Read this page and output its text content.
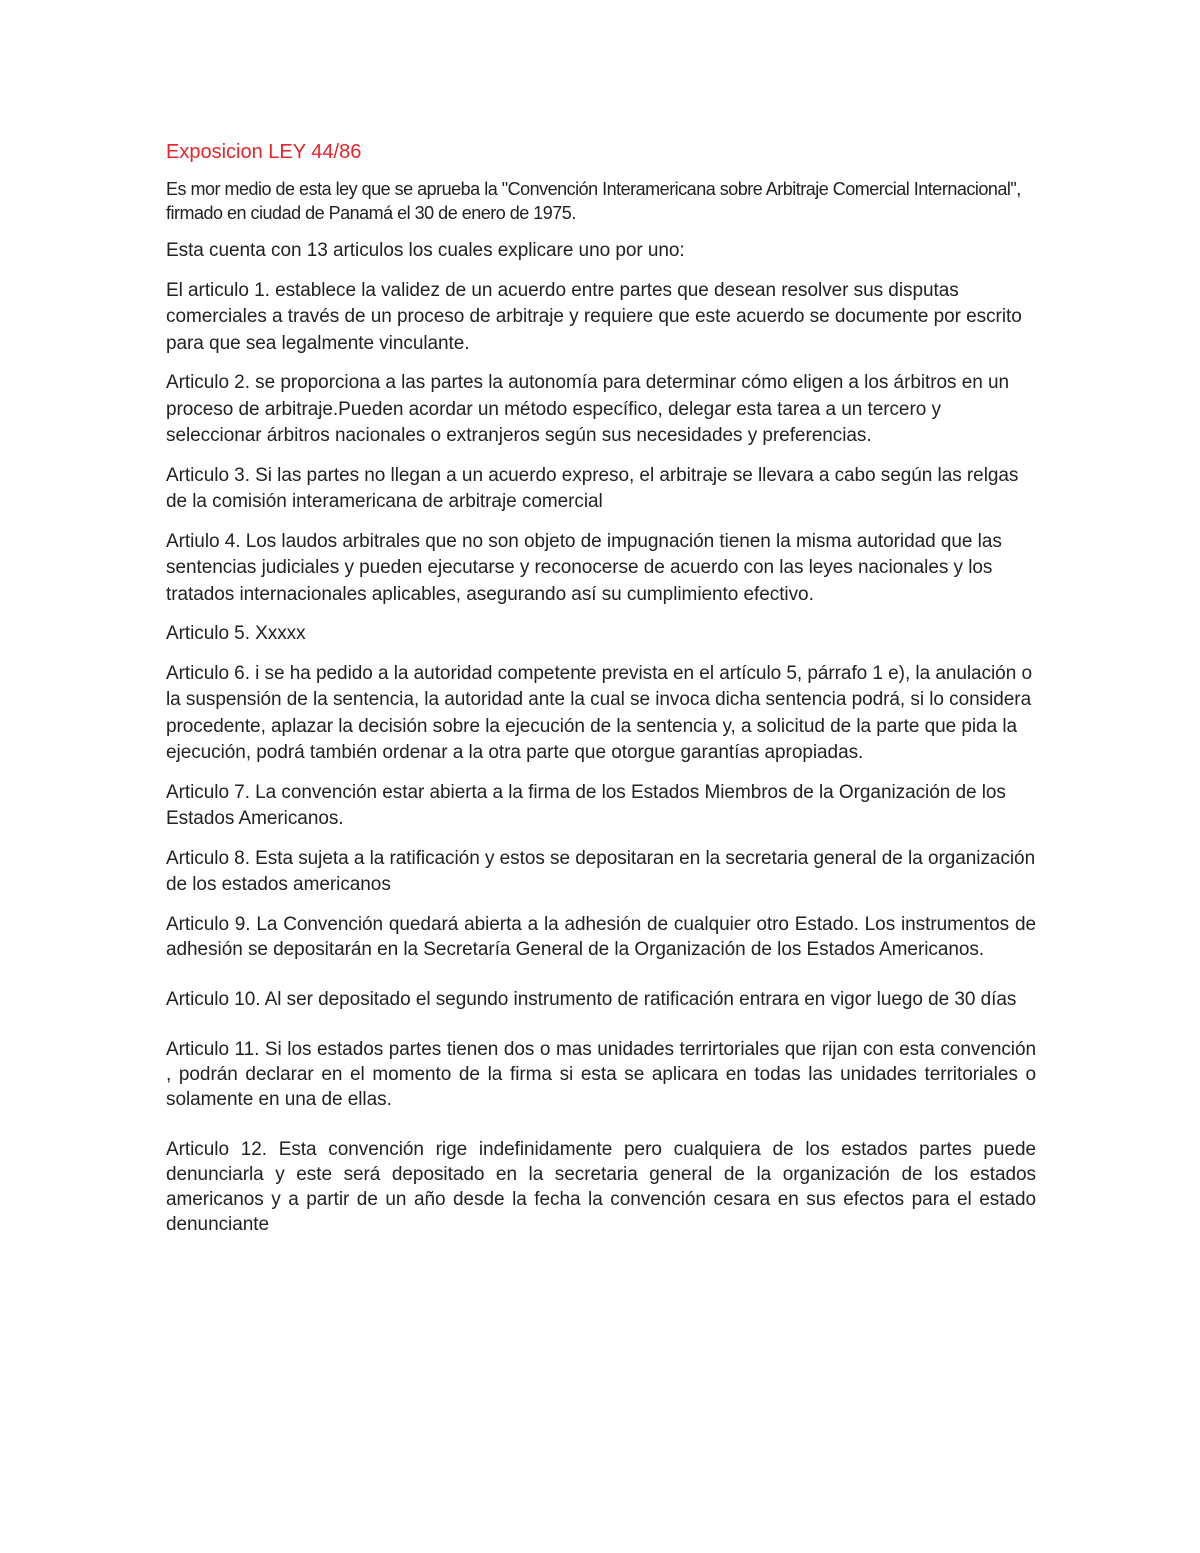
Exposicion LEY 44/86

Es mor medio de esta ley que se aprueba la "Convención Interamericana sobre Arbitraje Comercial Internacional", firmado en ciudad de Panamá el 30 de enero de 1975.

Esta cuenta con 13 articulos los cuales explicare uno por uno:

El articulo 1. establece la validez de un acuerdo entre partes que desean resolver sus disputas comerciales a través de un proceso de arbitraje y requiere que este acuerdo se documente por escrito para que sea legalmente vinculante.

Articulo 2. se proporciona a las partes la autonomía para determinar cómo eligen a los árbitros en un proceso de arbitraje.Pueden acordar un método específico, delegar esta tarea a un tercero y seleccionar árbitros nacionales o extranjeros según sus necesidades y preferencias.

Articulo 3. Si las partes no llegan a un acuerdo expreso, el arbitraje se llevara a cabo según las relgas de la comisión interamericana de arbitraje comercial

Artiulo 4. Los laudos arbitrales que no son objeto de impugnación tienen la misma autoridad que las sentencias judiciales y pueden ejecutarse y reconocerse de acuerdo con las leyes nacionales y los tratados internacionales aplicables, asegurando así su cumplimiento efectivo.

Articulo 5. Xxxxx

Articulo 6. i se ha pedido a la autoridad competente prevista en el artículo 5, párrafo 1 e), la anulación o la suspensión de la sentencia, la autoridad ante la cual se invoca dicha sentencia podrá, si lo considera procedente, aplazar la decisión sobre la ejecución de la sentencia y, a solicitud de la parte que pida la ejecución, podrá también ordenar a la otra parte que otorgue garantías apropiadas.

Articulo 7. La convención estar abierta a la firma de los Estados Miembros de la Organización de los Estados Americanos.

Articulo 8. Esta sujeta a la ratificación y estos se depositaran en la secretaria general de la organización de los estados americanos

Articulo 9. La Convención quedará abierta a la adhesión de cualquier otro Estado. Los instrumentos de adhesión se depositarán en la Secretaría General de la Organización de los Estados Americanos.

Articulo 10. Al ser depositado el segundo instrumento de ratificación entrara en vigor luego de 30 días

Articulo 11. Si los estados partes tienen dos o mas unidades terrirtoriales que rijan con esta convención , podrán declarar en el momento de la firma si esta se aplicara en todas las unidades territoriales o solamente en una de ellas.

Articulo 12. Esta convención rige indefinidamente pero cualquiera de los estados partes puede denunciarla y este será depositado en la secretaria general de la organización de los estados americanos y a partir de un año desde la fecha la convención cesara en sus efectos para el estado denunciante
